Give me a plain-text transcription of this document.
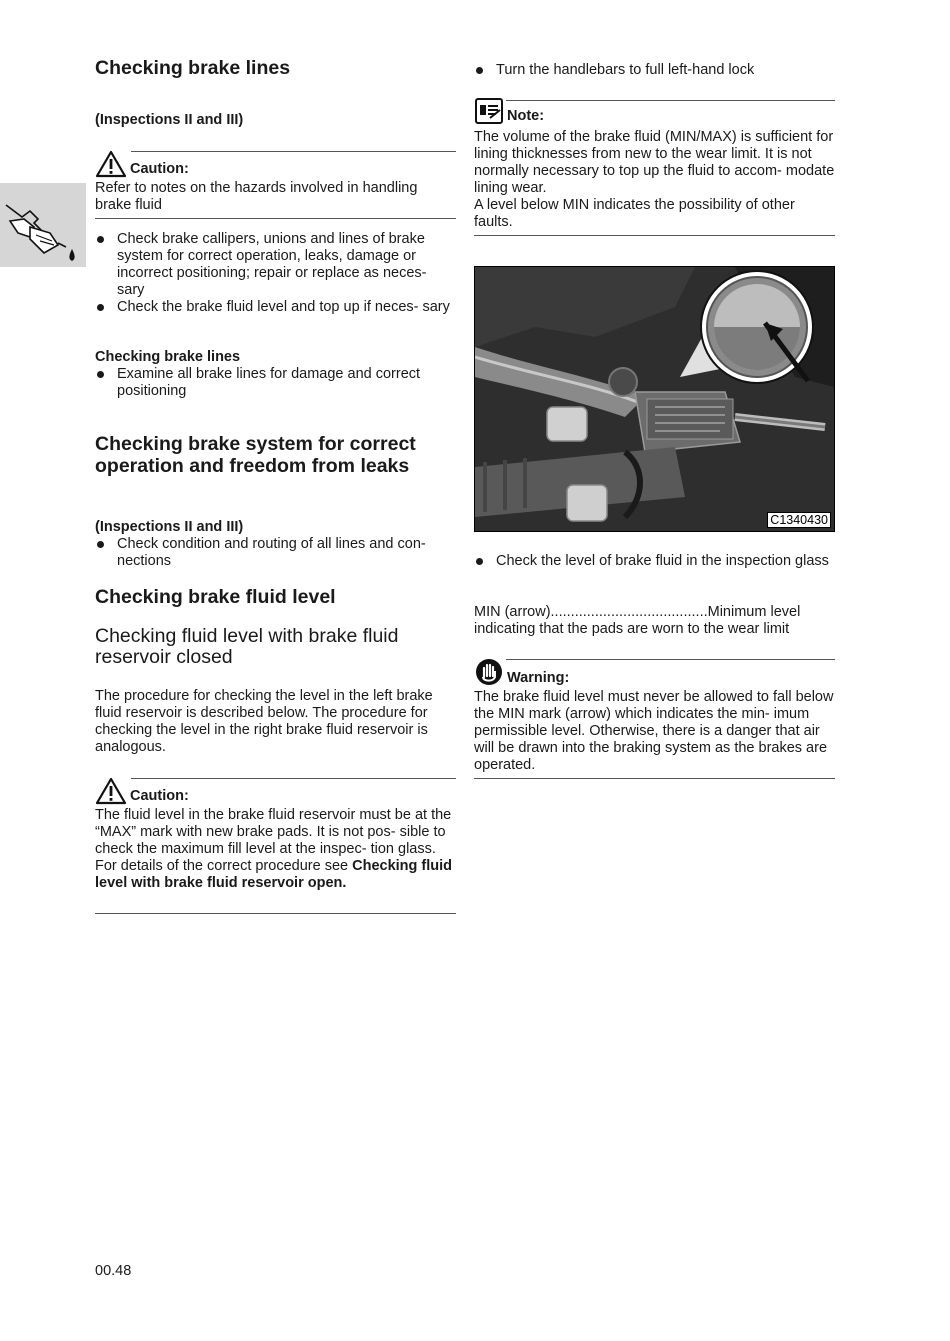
Checking brake lines

(Inspections II and III)

Caution:

Refer to notes on the hazards involved in handling brake fluid

Check brake callipers, unions and lines of brake system for correct operation, leaks, damage or incorrect positioning; repair or replace as neces- sary
Check the brake fluid level and top up if neces- sary

Checking brake lines

Examine all brake lines for damage and correct positioning
Checking brake system for correct
operation and freedom from leaks

(Inspections II and III)

Check condition and routing of all lines and con- nections
Checking brake fluid level
Checking fluid level with brake fluid
reservoir closed

The procedure for checking the level in the left brake fluid reservoir is described below. The procedure for checking the level in the right brake fluid reservoir is analogous.

Caution:

The fluid level in the brake fluid reservoir must be at the “MAX” mark with new brake pads. It is not pos- sible to check the maximum fill level at the inspec- tion glass. For details of the correct procedure see Checking fluid level with brake fluid reservoir open.

Turn the handlebars to full left-hand lock
Note:

The volume of the brake fluid (MIN/MAX) is sufficient for lining thicknesses from new to the wear limit. It is not normally necessary to top up the fluid to accom- modate lining wear.

A level below MIN indicates the possibility of other faults.

C1340430
Check the level of brake fluid in the inspection glass

MIN (arrow).......................................Minimum level

indicating that the pads are worn to the wear limit

Warning:

The brake fluid level must never be allowed to fall below the MIN mark (arrow) which indicates the min- imum permissible level. Otherwise, there is a danger that air will be drawn into the braking system as the brakes are operated.

00.48
